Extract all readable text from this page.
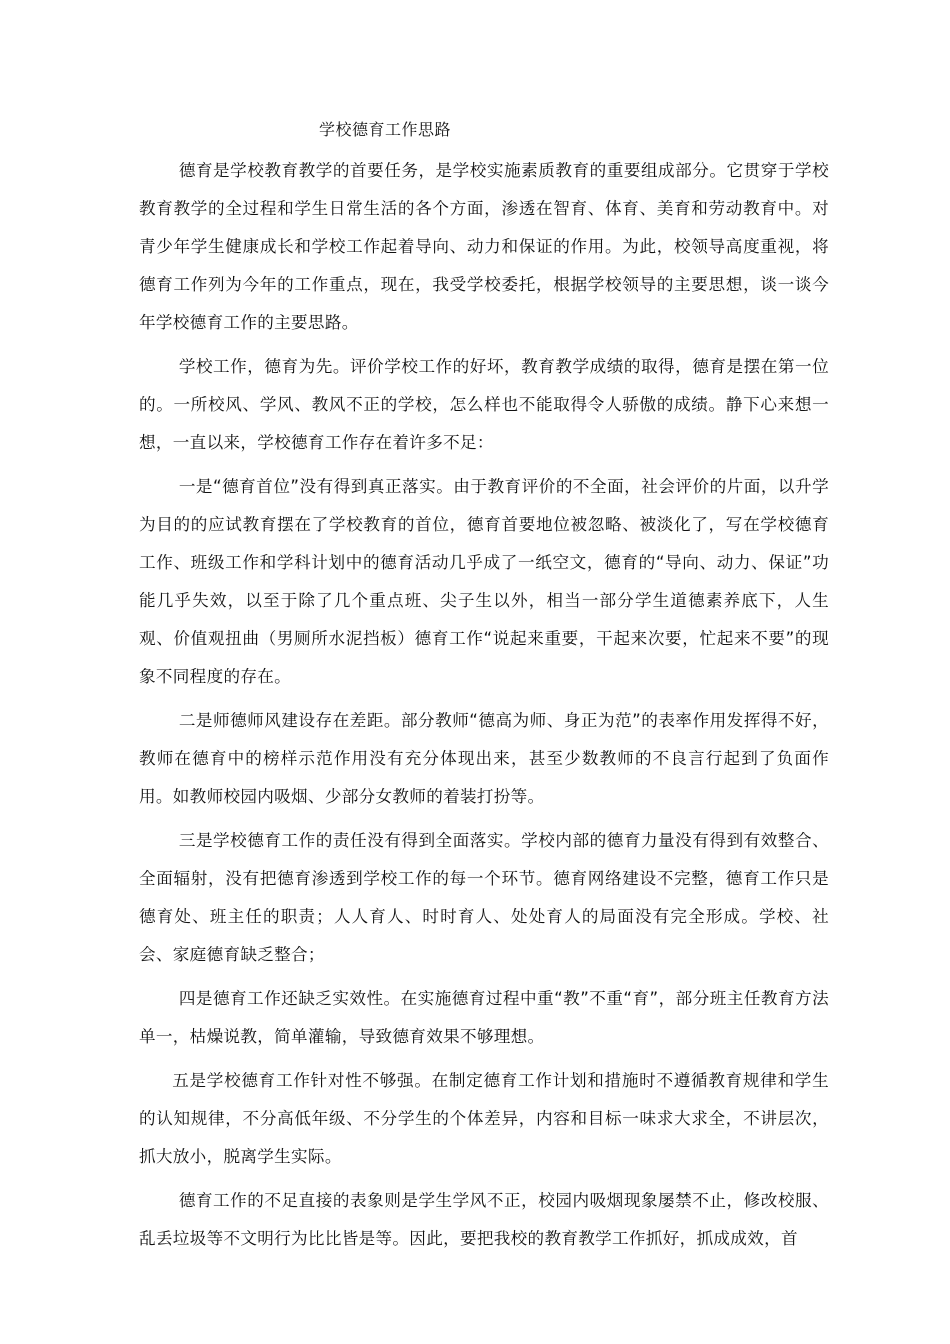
学校德育工作思路

德育是学校教育教学的首要任务，是学校实施素质教育的重要组成部分。它贯穿于学校教育教学的全过程和学生日常生活的各个方面，渗透在智育、体育、美育和劳动教育中。对青少年学生健康成长和学校工作起着导向、动力和保证的作用。为此，校领导高度重视，将德育工作列为今年的工作重点，现在，我受学校委托，根据学校领导的主要思想，谈一谈今年学校德育工作的主要思路。

学校工作，德育为先。评价学校工作的好坏，教育教学成绩的取得，德育是摆在第一位的。一所校风、学风、教风不正的学校，怎么样也不能取得令人骄傲的成绩。静下心来想一想，一直以来，学校德育工作存在着许多不足：

一是“德育首位”没有得到真正落实。由于教育评价的不全面，社会评价的片面，以升学为目的的应试教育摆在了学校教育的首位，德育首要地位被忽略、被淡化了，写在学校德育工作、班级工作和学科计划中的德育活动几乎成了一纸空文，德育的“导向、动力、保证”功能几乎失效，以至于除了几个重点班、尖子生以外，相当一部分学生道德素养底下，人生观、价值观扭曲（男厕所水泥挡板）德育工作“说起来重要，干起来次要，忙起来不要”的现象不同程度的存在。

二是师德师风建设存在差距。部分教师“德高为师、身正为范”的表率作用发挥得不好，教师在德育中的榜样示范作用没有充分体现出来，甚至少数教师的不良言行起到了负面作用。如教师校园内吸烟、少部分女教师的着装打扮等。

三是学校德育工作的责任没有得到全面落实。学校内部的德育力量没有得到有效整合、全面辐射，没有把德育渗透到学校工作的每一个环节。德育网络建设不完整，德育工作只是德育处、班主任的职责；人人育人、时时育人、处处育人的局面没有完全形成。学校、社会、家庭德育缺乏整合；

四是德育工作还缺乏实效性。在实施德育过程中重“教”不重“育”，部分班主任教育方法单一，枯燥说教，简单灌输，导致德育效果不够理想。

五是学校德育工作针对性不够强。在制定德育工作计划和措施时不遵循教育规律和学生的认知规律，不分高低年级、不分学生的个体差异，内容和目标一味求大求全，不讲层次，抓大放小，脱离学生实际。

德育工作的不足直接的表象则是学生学风不正，校园内吸烟现象屡禁不止，修改校服、乱丢垃圾等不文明行为比比皆是等。因此，要把我校的教育教学工作抓好，抓成成效，首
